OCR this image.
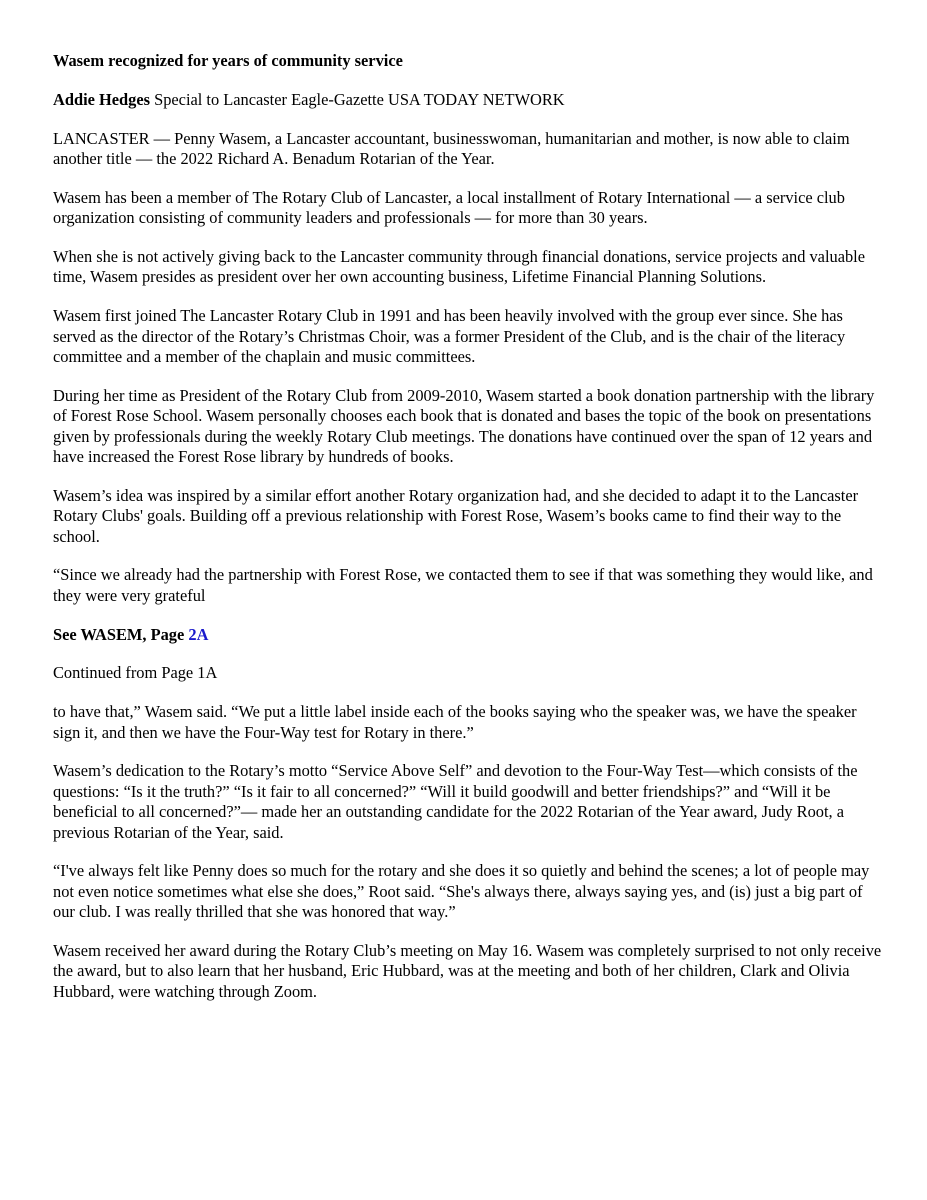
Wasem recognized for years of community service

Addie Hedges Special to Lancaster Eagle-Gazette USA TODAY NETWORK

LANCASTER — Penny Wasem, a Lancaster accountant, businesswoman, humanitarian and mother, is now able to claim another title — the 2022 Richard A. Benadum Rotarian of the Year.

Wasem has been a member of The Rotary Club of Lancaster, a local installment of Rotary International — a service club organization consisting of community leaders and professionals — for more than 30 years.

When she is not actively giving back to the Lancaster community through financial donations, service projects and valuable time, Wasem presides as president over her own accounting business, Lifetime Financial Planning Solutions.

Wasem first joined The Lancaster Rotary Club in 1991 and has been heavily involved with the group ever since. She has served as the director of the Rotary’s Christmas Choir, was a former President of the Club, and is the chair of the literacy committee and a member of the chaplain and music committees.

During her time as President of the Rotary Club from 2009-2010, Wasem started a book donation partnership with the library of Forest Rose School. Wasem personally chooses each book that is donated and bases the topic of the book on presentations given by professionals during the weekly Rotary Club meetings. The donations have continued over the span of 12 years and have increased the Forest Rose library by hundreds of books.

Wasem’s idea was inspired by a similar effort another Rotary organization had, and she decided to adapt it to the Lancaster Rotary Clubs' goals. Building off a previous relationship with Forest Rose, Wasem’s books came to find their way to the school.

“Since we already had the partnership with Forest Rose, we contacted them to see if that was something they would like, and they were very grateful

See WASEM, Page 2A

Continued from Page 1A

to have that,” Wasem said. “We put a little label inside each of the books saying who the speaker was, we have the speaker sign it, and then we have the Four-Way test for Rotary in there.”

Wasem’s dedication to the Rotary’s motto “Service Above Self” and devotion to the Four-Way Test—which consists of the questions: “Is it the truth?” “Is it fair to all concerned?” “Will it build goodwill and better friendships?” and “Will it be beneficial to all concerned?”— made her an outstanding candidate for the 2022 Rotarian of the Year award, Judy Root, a previous Rotarian of the Year, said.

“I've always felt like Penny does so much for the rotary and she does it so quietly and behind the scenes; a lot of people may not even notice sometimes what else she does,” Root said. “She's always there, always saying yes, and (is) just a big part of our club. I was really thrilled that she was honored that way.”

Wasem received her award during the Rotary Club’s meeting on May 16. Wasem was completely surprised to not only receive the award, but to also learn that her husband, Eric Hubbard, was at the meeting and both of her children, Clark and Olivia Hubbard, were watching through Zoom.
